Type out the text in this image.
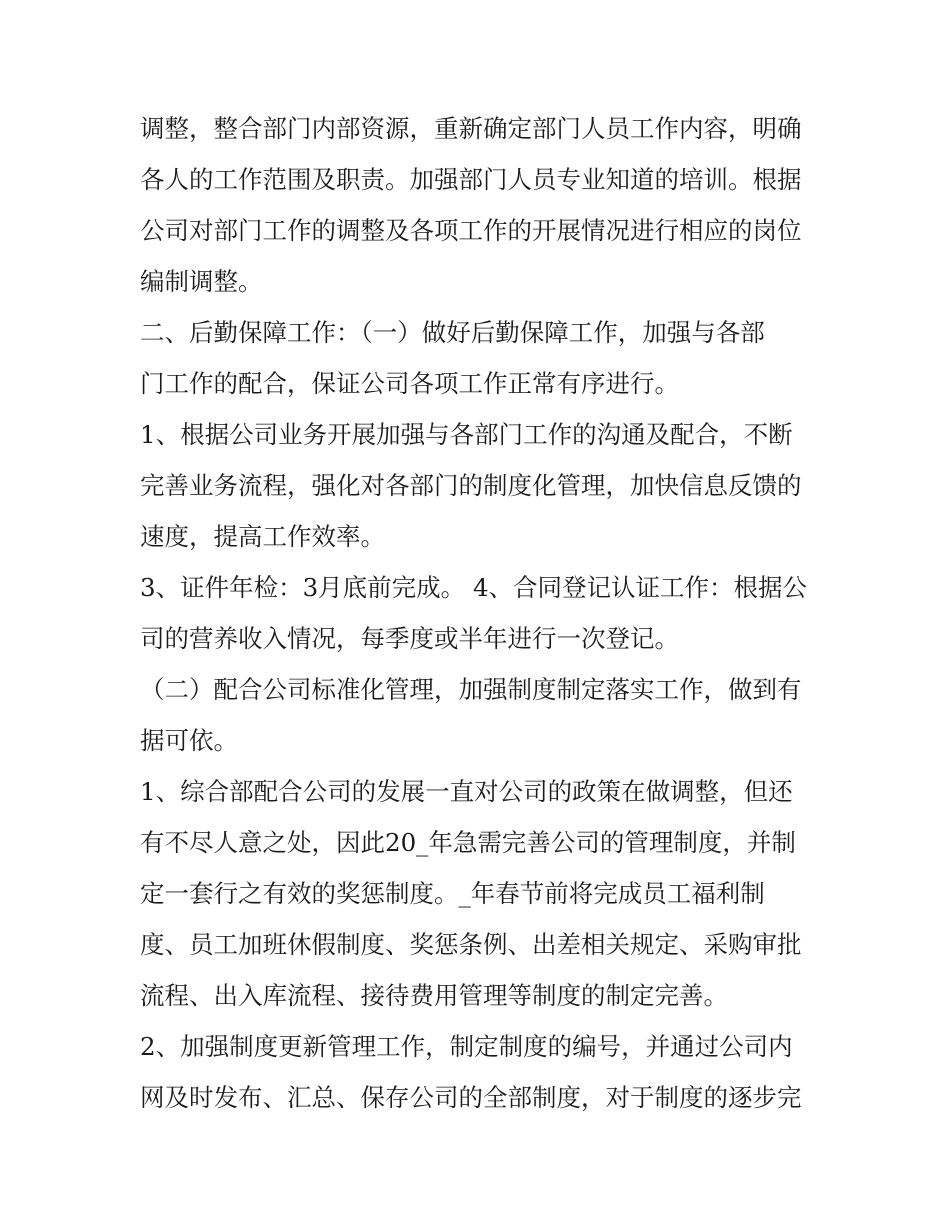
调整，整合部门内部资源，重新确定部门人员工作内容，明确
各人的工作范围及职责。加强部门人员专业知道的培训。根据
公司对部门工作的调整及各项工作的开展情况进行相应的岗位
编制调整。
二、后勤保障工作：（一）做好后勤保障工作，加强与各部
门工作的配合，保证公司各项工作正常有序进行。
1、根据公司业务开展加强与各部门工作的沟通及配合，不断
完善业务流程，强化对各部门的制度化管理，加快信息反馈的
速度，提高工作效率。
3、证件年检：3月底前完成。 4、合同登记认证工作：根据公
司的营养收入情况，每季度或半年进行一次登记。
（二）配合公司标准化管理，加强制度制定落实工作，做到有
据可依。
1、综合部配合公司的发展一直对公司的政策在做调整，但还
有不尽人意之处，因此20_年急需完善公司的管理制度，并制
定一套行之有效的奖惩制度。_年春节前将完成员工福利制
度、员工加班休假制度、奖惩条例、出差相关规定、采购审批
流程、出入库流程、接待费用管理等制度的制定完善。
2、加强制度更新管理工作，制定制度的编号，并通过公司内
网及时发布、汇总、保存公司的全部制度，对于制度的逐步完
